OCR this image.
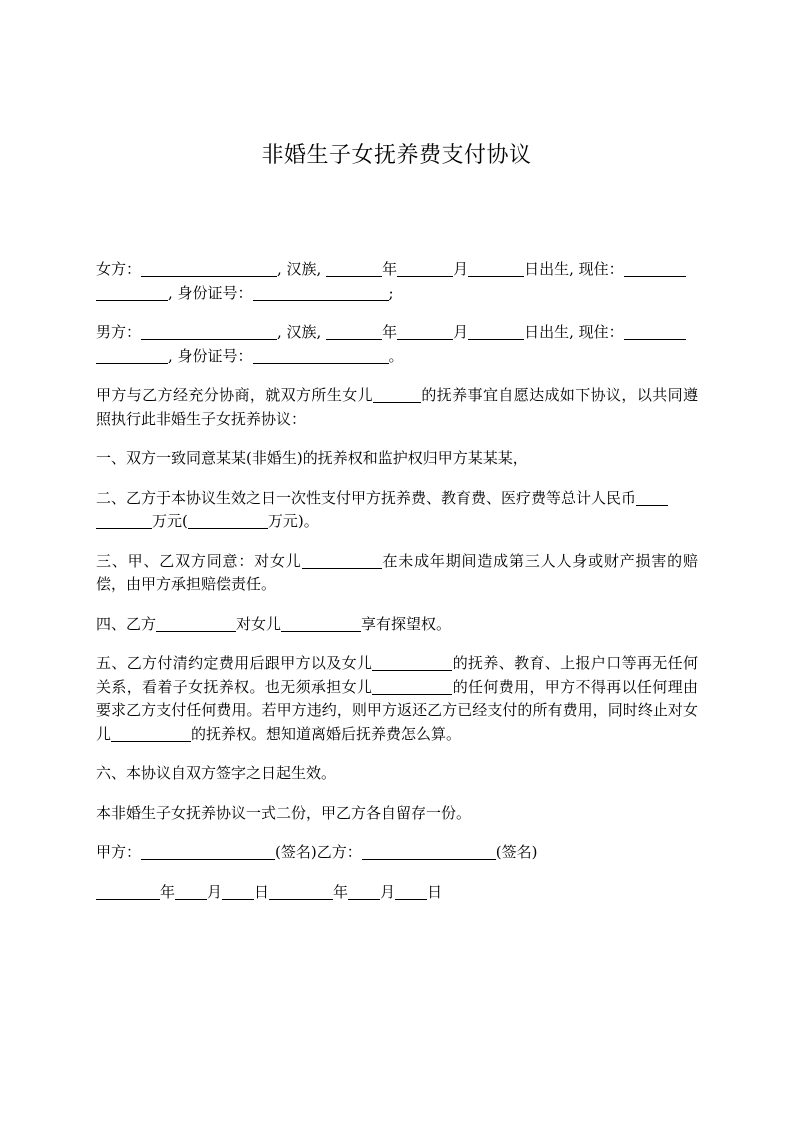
非婚生子女抚养费支付协议

女方：	, 汉族,	年	月	日出生, 现住：
, 身份证号：	;

男方：	, 汉族,	年	月	日出生, 现住：
, 身份证号：	。

甲方与乙方经充分协商，就双方所生女儿	的抚养事宜自愿达成如下协议，以共同遵照执行此非婚生子女抚养协议：

一、双方一致同意某某(非婚生)的抚养权和监护权归甲方某某某，

二、乙方于本协议生效之日一次性支付甲方抚养费、教育费、医疗费等总计人民币
万元(	万元)。

三、甲、乙双方同意：对女儿	在未成年期间造成第三人人身或财产损害的赔偿，由甲方承担赔偿责任。

四、乙方	对女儿	享有探望权。

五、乙方付清约定费用后跟甲方以及女儿	的抚养、教育、上报户口等再无任何关系，看着子女抚养权。也无须承担女儿	的任何费用，甲方不得再以任何理由要求乙方支付任何费用。若甲方违约，则甲方返还乙方已经支付的所有费用，同时终止对女儿	的抚养权。想知道离婚后抚养费怎么算。

六、本协议自双方签字之日起生效。

本非婚生子女抚养协议一式二份，甲乙方各自留存一份。

甲方：	(签名)乙方：	(签名)

年 月 日	年 月 日
